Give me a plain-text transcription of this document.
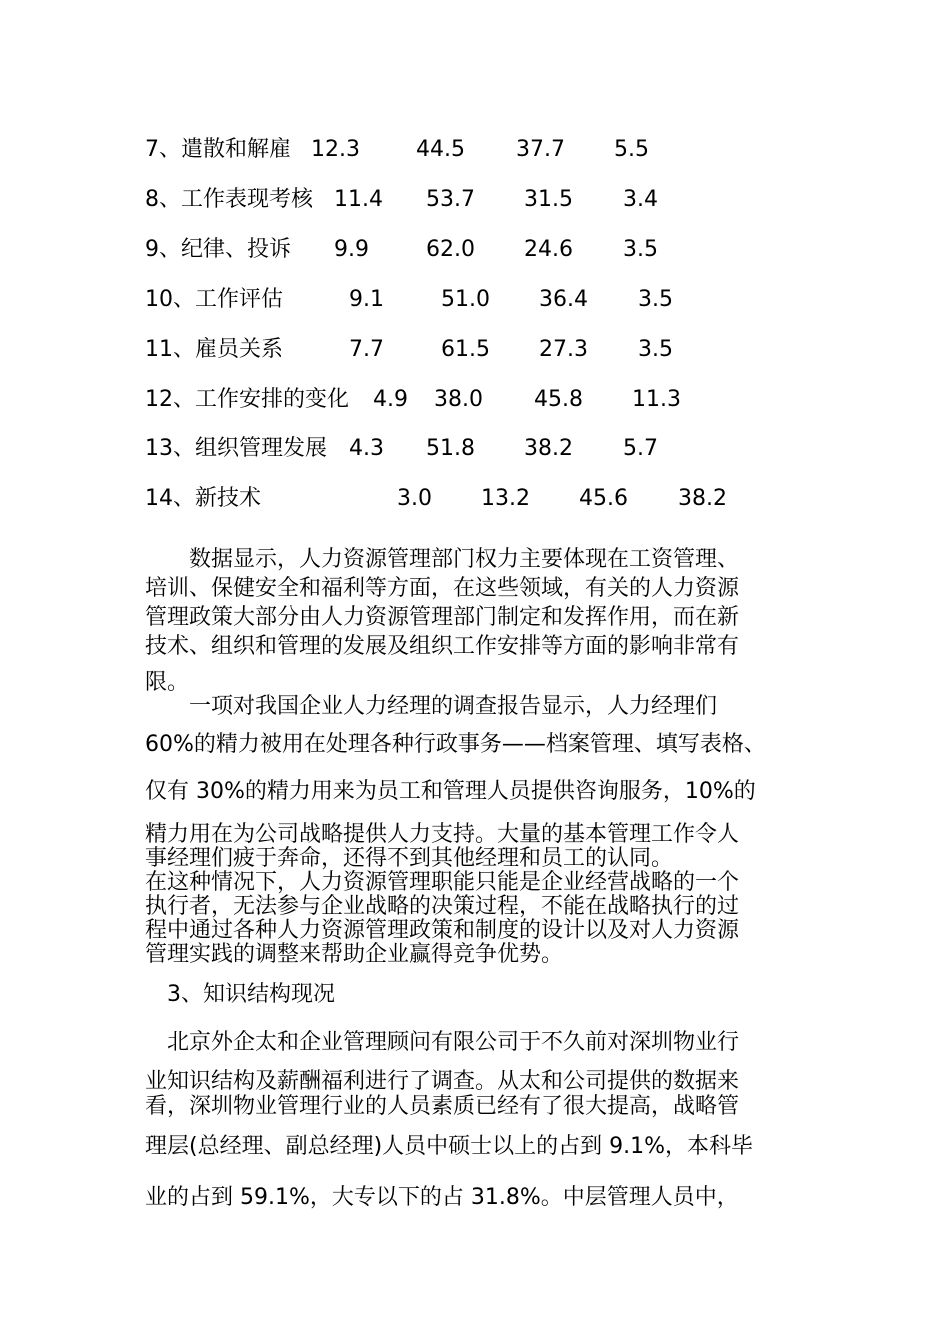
7、遣散和解雇 12.3	44.5 37.7 5.5
8、工作表现考核 11.4 53.7 31.5 3.4
9、纪律、投诉 9.9	62.0 24.6 3.5
10、工作评估	9.1	51.0 36.4 3.5
11、雇员关系	7.7	61.5 27.3 3.5
12、工作安排的变化 4.9 38.0 45.8 11.3
13、组织管理发展 4.3 51.8 38.2 5.7
14、新技术	3.0 13.2 45.6 38.2
　　数据显示，人力资源管理部门权力主要体现在工资管理、
培训、保健安全和福利等方面，在这些领域，有关的人力资源
管理政策大部分由人力资源管理部门制定和发挥作用，而在新
技术、组织和管理的发展及组织工作安排等方面的影响非常有
限。
　　一项对我国企业人力经理的调查报告显示，人力经理们
60%的精力被用在处理各种行政事务——档案管理、填写表格、
仅有 30%的精力用来为员工和管理人员提供咨询服务，10%的
精力用在为公司战略提供人力支持。大量的基本管理工作令人
事经理们疲于奔命，还得不到其他经理和员工的认同。
在这种情况下，人力资源管理职能只能是企业经营战略的一个
执行者，无法参与企业战略的决策过程，不能在战略执行的过
程中通过各种人力资源管理政策和制度的设计以及对人力资源
管理实践的调整来帮助企业赢得竞争优势。
　3、知识结构现况
　北京外企太和企业管理顾问有限公司于不久前对深圳物业行
业知识结构及薪酬福利进行了调查。从太和公司提供的数据来
看，深圳物业管理行业的人员素质已经有了很大提高，战略管
理层(总经理、副总经理)人员中硕士以上的占到 9.1%，本科毕
业的占到 59.1%，大专以下的占 31.8%。中层管理人员中，
